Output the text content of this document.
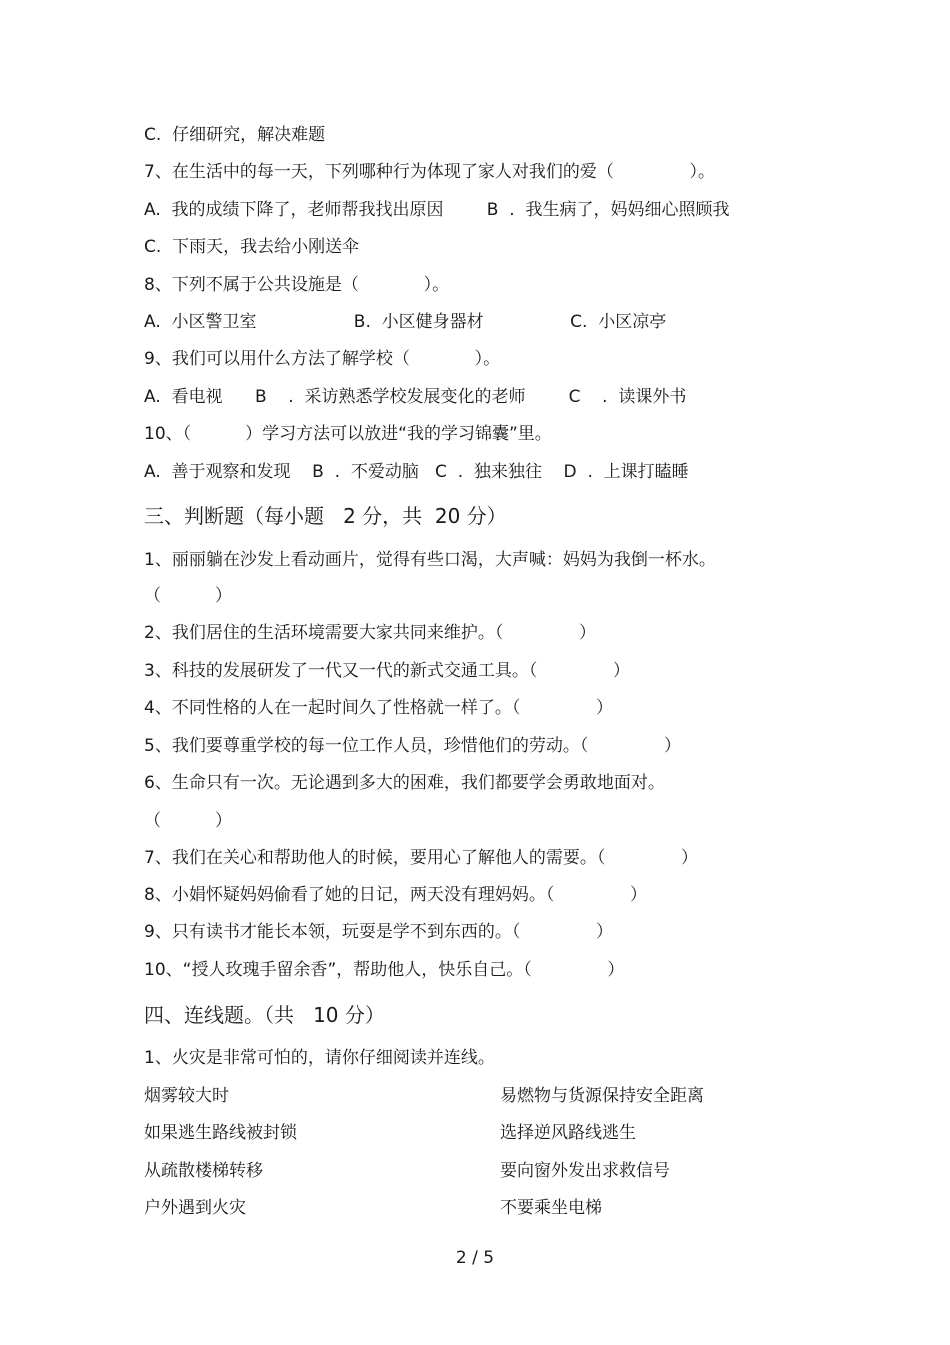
C.  仔细研究，解决难题
7、在生活中的每一天，下列哪种行为体现了家人对我们的爱（              ）。
A.  我的成绩下降了，老师帮我找出原因        B  .  我生病了，妈妈细心照顾我
C.  下雨天，我去给小刚送伞
8、下列不属于公共设施是（            ）。
A.  小区警卫室                  B.  小区健身器材                C.  小区凉亭
9、我们可以用什么方法了解学校（            ）。
A.  看电视      B    .  采访熟悉学校发展变化的老师        C    .  读课外书
10、（          ）学习方法可以放进“我的学习锦囊”里。
A.  善于观察和发现    B  .  不爱动脑   C  .  独来独往    D  .  上课打瞌睡
三、判断题（每小题   2 分，共  20 分）
1、丽丽躺在沙发上看动画片，觉得有些口渴，大声喊：妈妈为我倒一杯水。
（          ）
2、我们居住的生活环境需要大家共同来维护。（              ）
3、科技的发展研发了一代又一代的新式交通工具。（              ）
4、不同性格的人在一起时间久了性格就一样了。（              ）
5、我们要尊重学校的每一位工作人员，珍惜他们的劳动。（              ）
6、生命只有一次。无论遇到多大的困难，我们都要学会勇敢地面对。
（          ）
7、我们在关心和帮助他人的时候，要用心了解他人的需要。（              ）
8、小娟怀疑妈妈偷看了她的日记，两天没有理妈妈。（              ）
9、只有读书才能长本领，玩耍是学不到东西的。（              ）
10、“授人玫瑰手留余香”，帮助他人，快乐自己。（              ）
四、连线题。（共   10 分）
1、火灾是非常可怕的，请你仔细阅读并连线。
烟雾较大时
如果逃生路线被封锁
从疏散楼梯转移
户外遇到火灾
易燃物与货源保持安全距离
选择逆风路线逃生
要向窗外发出求救信号
不要乘坐电梯
2 / 5
